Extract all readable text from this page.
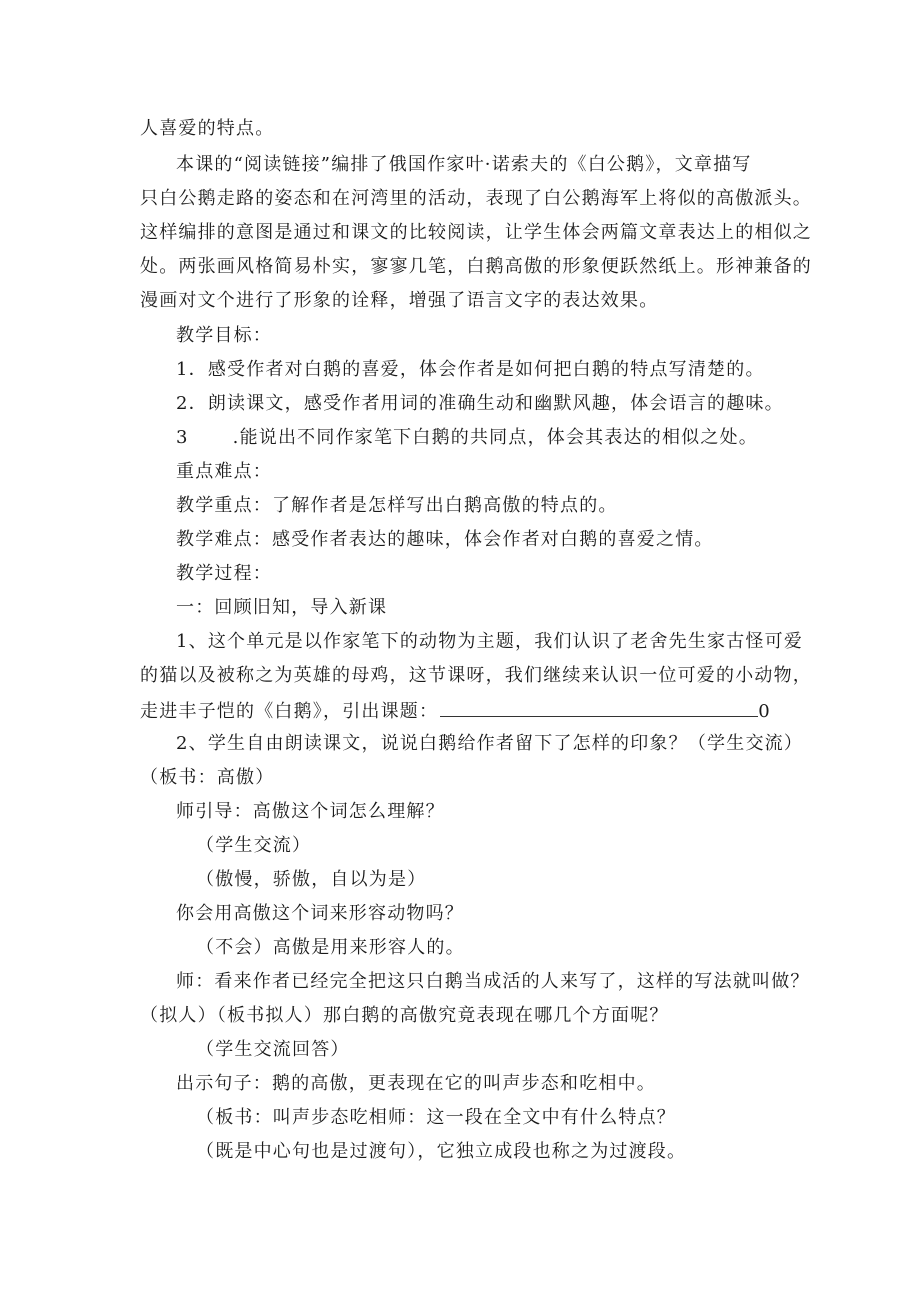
人喜爱的特点。
本课的“阅读链接”编排了俄国作家叶·诺索夫的《白公鹅》，文章描写
只白公鹅走路的姿态和在河湾里的活动，表现了白公鹅海军上将似的高傲派头。
这样编排的意图是通过和课文的比较阅读，让学生体会两篇文章表达上的相似之
处。两张画风格简易朴实，寥寥几笔，白鹅高傲的形象便跃然纸上。形神兼备的
漫画对文个进行了形象的诠释，增强了语言文字的表达效果。
教学目标：
1．感受作者对白鹅的喜爱，体会作者是如何把白鹅的特点写清楚的。
2．朗读课文，感受作者用词的准确生动和幽默风趣，体会语言的趣味。
3 .能说出不同作家笔下白鹅的共同点，体会其表达的相似之处。
重点难点：
教学重点：了解作者是怎样写出白鹅高傲的特点的。
教学难点：感受作者表达的趣味，体会作者对白鹅的喜爱之情。
教学过程：
一：回顾旧知，导入新课
1、这个单元是以作家笔下的动物为主题，我们认识了老舍先生家古怪可爱
的猫以及被称之为英雄的母鸡，这节课呀，我们继续来认识一位可爱的小动物，
走进丰子恺的《白鹅》，引出课题：	0
2、学生自由朗读课文，说说白鹅给作者留下了怎样的印象？（学生交流）
（板书：高傲）
师引导：高傲这个词怎么理解？
（学生交流）
（傲慢，骄傲，自以为是）
你会用高傲这个词来形容动物吗？
（不会）高傲是用来形容人的。
师：看来作者已经完全把这只白鹅当成活的人来写了，这样的写法就叫做？
（拟人）（板书拟人）那白鹅的高傲究竟表现在哪几个方面呢？
（学生交流回答）
出示句子：鹅的高傲，更表现在它的叫声步态和吃相中。
（板书：叫声步态吃相师：这一段在全文中有什么特点？
（既是中心句也是过渡句），它独立成段也称之为过渡段。
